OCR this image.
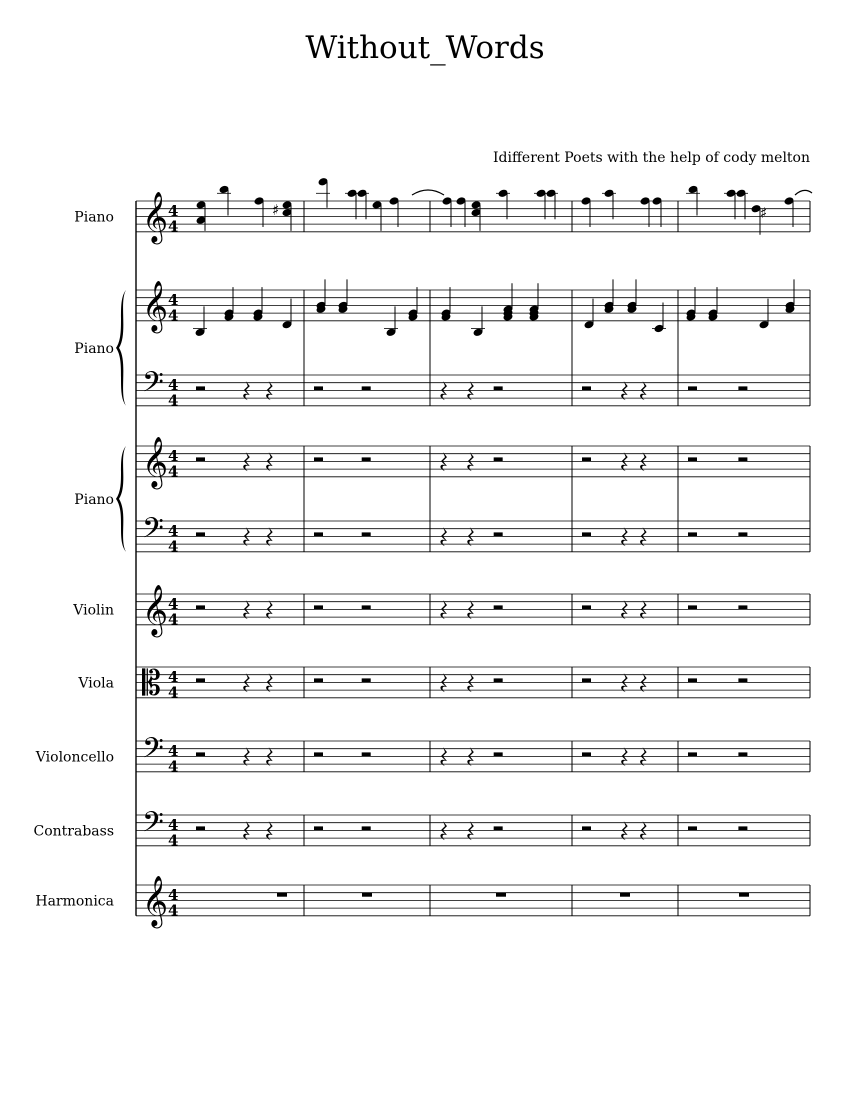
Without_Words
Idifferent Poets with the help of cody melton
Piano 𝄞 4
4
Piano
𝄞 4
4
𝄢 4
4
Piano
𝄞 4
4
𝄢 4
4
Violin 𝄞 4
4
Viola 𝄡 4
4
Violoncello 𝄢 4
4
Contrabass 𝄢 4
4
Harmonica 𝄞 4
4
♯	♯
